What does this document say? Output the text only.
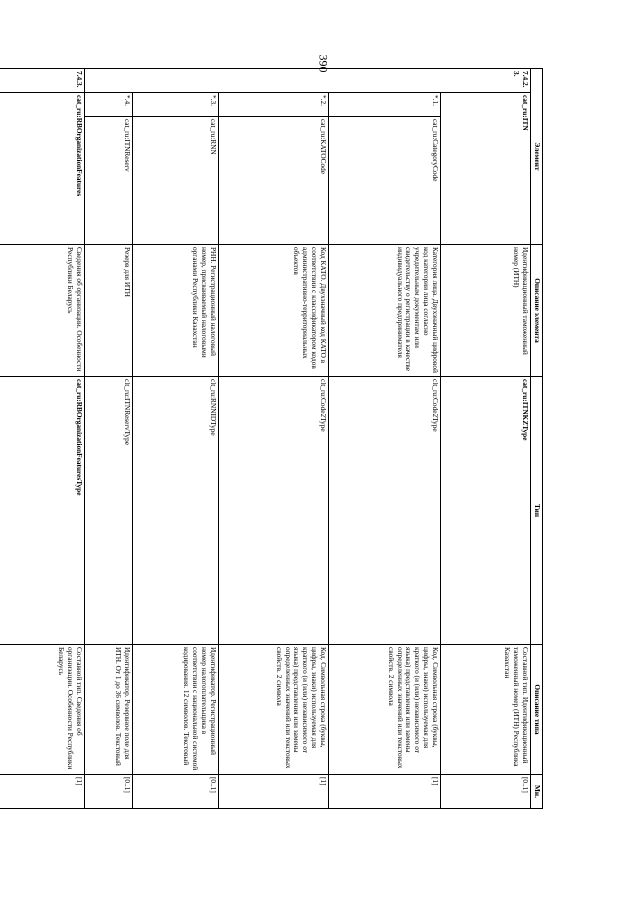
390
Элемент			Описание элемента	Тип	Описание типа	Мн.
7.4.2.3.	cat_ru:ITN		Идентификационный таможенный номер (ИТН)	cat_ru:ITNKZType	Составной тип. Идентификационный таможенный номер (ИТН) Республика Казахстан	[0..1]
	*.1.	cat_ru:CategoryCode	Категория лица. Двухзначный цифровой код категории лица согласно учредительным документам или свидетельству о регистрации в качестве индивидуального предпринимателя	clt_ru:Code2Type	Код. Символьная строка (буквы, цифры, знаки) используемая для краткого (и (или) независимого от языка) представления или замены определенных значений или текстовых свойств. 2 символа	[1]
	*.2.	cat_ru:KATOCode	Код КАТО. Двухзначный код КАТО в соответствии с классификатором кодов административно-территориальных объектов	clt_ru:Code2Type	Код. Символьная строка (буквы, цифры, знаки) используемая для краткого (и (или) независимого от языка) представления или замены определенных значений или текстовых свойств. 2 символа	[1]
	*.3.	cat_ru:RNN	РНН. Регистрационный налоговый номер, присваиваемый налоговыми органами Республики Казахстан	clt_ru:RNNIDType	Идентификатор. Регистрационный номер налогоплательщика в соответствии с национальной системой кодирования. 12 символов. Текстовый	[0..1]
	*.4.	cat_ru:ITNReserv	Резерв для ИТН	clt_ru:ITNReservType	Идентификатор. Резервное поле для ИТН. От 1 до 36 символов. Текстовый	[0..1]
7.4.3.	cat_ru:RBOrganizationFeatures		Сведения об организации. Особенности Республики Беларусь	cat_ru:RBOrganizationFeaturesType	Составной тип. Сведения об организации. Особенности Республики Беларусь	[1]
